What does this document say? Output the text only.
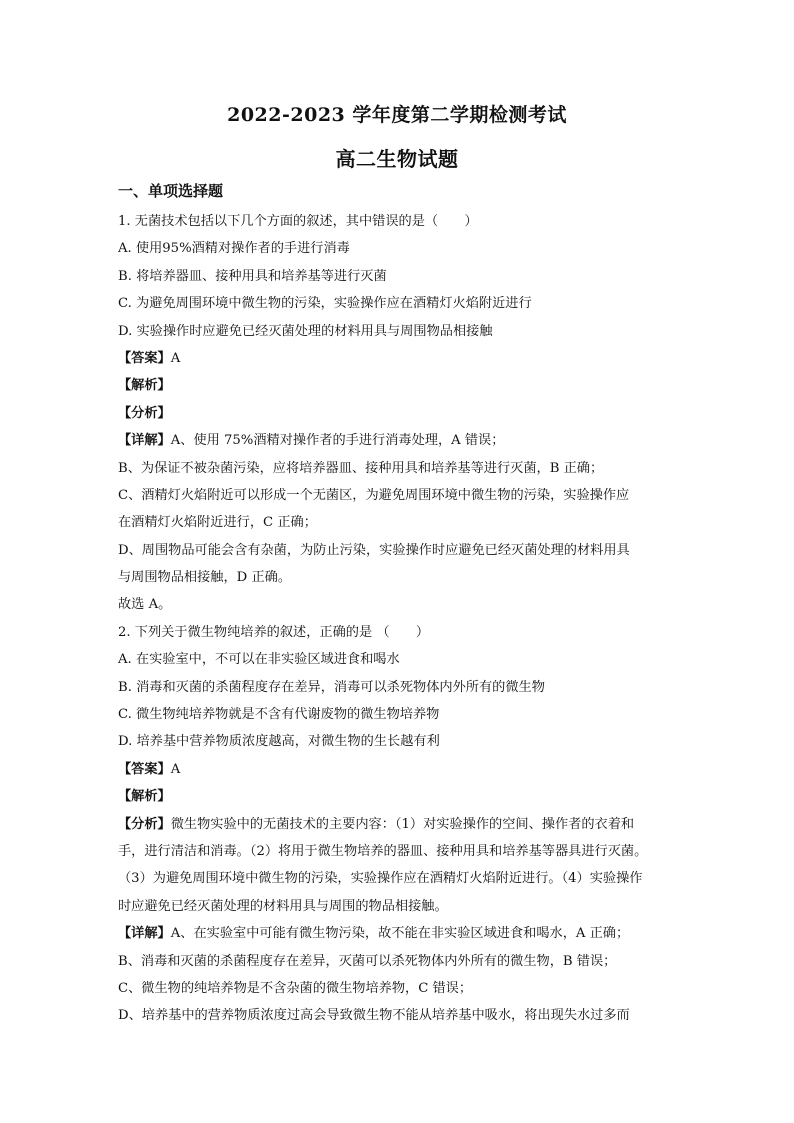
2022-2023 学年度第二学期检测考试
高二生物试题
一、单项选择题
1. 无菌技术包括以下几个方面的叙述，其中错误的是（　　）
A. 使用95%酒精对操作者的手进行消毒
B. 将培养器皿、接种用具和培养基等进行灭菌
C. 为避免周围环境中微生物的污染，实验操作应在酒精灯火焰附近进行
D. 实验操作时应避免已经灭菌处理的材料用具与周围物品相接触
【答案】A
【解析】
【分析】
【详解】A、使用 75%酒精对操作者的手进行消毒处理，A 错误；
B、为保证不被杂菌污染，应将培养器皿、接种用具和培养基等进行灭菌，B 正确；
C、酒精灯火焰附近可以形成一个无菌区，为避免周围环境中微生物的污染，实验操作应
在酒精灯火焰附近进行，C 正确；
D、周围物品可能会含有杂菌，为防止污染，实验操作时应避免已经灭菌处理的材料用具
与周围物品相接触，D 正确。
故选 A。
2. 下列关于微生物纯培养的叙述，正确的是 （　　）
A. 在实验室中，不可以在非实验区域进食和喝水
B. 消毒和灭菌的杀菌程度存在差异，消毒可以杀死物体内外所有的微生物
C. 微生物纯培养物就是不含有代谢废物的微生物培养物
D. 培养基中营养物质浓度越高，对微生物的生长越有利
【答案】A
【解析】
【分析】微生物实验中的无菌技术的主要内容：（1）对实验操作的空间、操作者的衣着和
手，进行清洁和消毒。（2）将用于微生物培养的器皿、接种用具和培养基等器具进行灭菌。
（3）为避免周围环境中微生物的污染，实验操作应在酒精灯火焰附近进行。（4）实验操作
时应避免已经灭菌处理的材料用具与周围的物品相接触。
【详解】A、在实验室中可能有微生物污染，故不能在非实验区域进食和喝水，A 正确；
B、消毒和灭菌的杀菌程度存在差异，灭菌可以杀死物体内外所有的微生物，B 错误；
C、微生物的纯培养物是不含杂菌的微生物培养物，C 错误；
D、培养基中的营养物质浓度过高会导致微生物不能从培养基中吸水，将出现失水过多而
